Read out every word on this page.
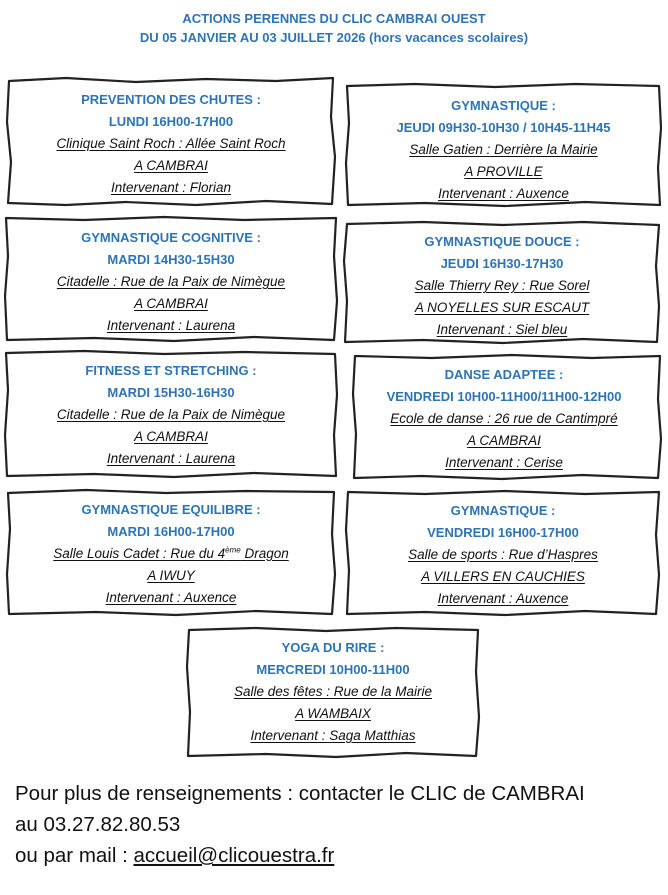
ACTIONS PERENNES DU CLIC CAMBRAI OUEST
DU 05 JANVIER AU 03 JUILLET 2026 (hors vacances scolaires)
PREVENTION DES CHUTES :
LUNDI 16H00-17H00
Clinique Saint Roch : Allée Saint Roch
A CAMBRAI
Intervenant : Florian
GYMNASTIQUE :
JEUDI 09H30-10H30 / 10H45-11H45
Salle Gatien : Derrière la Mairie
A PROVILLE
Intervenant : Auxence
GYMNASTIQUE COGNITIVE :
MARDI 14H30-15H30
Citadelle : Rue de la Paix de Nimègue
A CAMBRAI
Intervenant : Laurena
GYMNASTIQUE DOUCE :
JEUDI 16H30-17H30
Salle Thierry Rey : Rue Sorel
A NOYELLES SUR ESCAUT
Intervenant : Siel bleu
FITNESS ET STRETCHING :
MARDI 15H30-16H30
Citadelle : Rue de la Paix de Nimègue
A CAMBRAI
Intervenant : Laurena
DANSE ADAPTEE :
VENDREDI 10H00-11H00/11H00-12H00
Ecole de danse : 26 rue de Cantimpré
A CAMBRAI
Intervenant : Cerise
GYMNASTIQUE EQUILIBRE :
MARDI 16H00-17H00
Salle Louis Cadet : Rue du 4ème Dragon
A IWUY
Intervenant : Auxence
GYMNASTIQUE :
VENDREDI 16H00-17H00
Salle de sports : Rue d’Haspres
A VILLERS EN CAUCHIES
Intervenant : Auxence
YOGA DU RIRE :
MERCREDI 10H00-11H00
Salle des fêtes : Rue de la Mairie
A WAMBAIX
Intervenant : Saga Matthias
Pour plus de renseignements : contacter le CLIC de CAMBRAI
au 03.27.82.80.53
ou par mail : accueil@clicouestra.fr
